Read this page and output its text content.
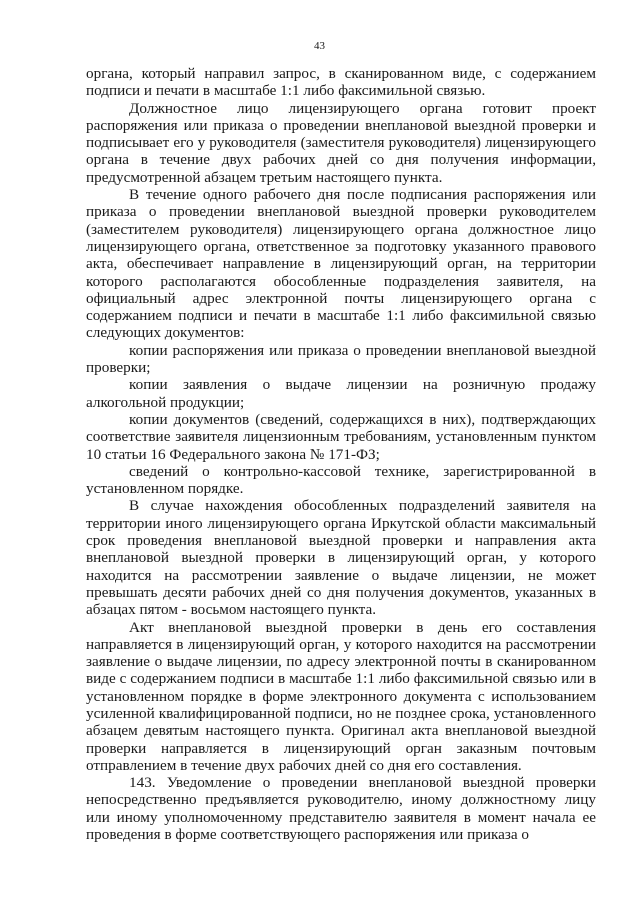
43

органа, который направил запрос, в сканированном виде, с содержанием подписи и печати в масштабе 1:1 либо факсимильной связью.

Должностное лицо лицензирующего органа готовит проект распоряжения или приказа о проведении внеплановой выездной проверки и подписывает его у руководителя (заместителя руководителя) лицензирующего органа в течение двух рабочих дней со дня получения информации, предусмотренной абзацем третьим настоящего пункта.

В течение одного рабочего дня после подписания распоряжения или приказа о проведении внеплановой выездной проверки руководителем (заместителем руководителя) лицензирующего органа должностное лицо лицензирующего органа, ответственное за подготовку указанного правового акта, обеспечивает направление в лицензирующий орган, на территории которого располагаются обособленные подразделения заявителя, на официальный адрес электронной почты лицензирующего органа с содержанием подписи и печати в масштабе 1:1 либо факсимильной связью следующих документов:

копии распоряжения или приказа о проведении внеплановой выездной проверки;

копии заявления о выдаче лицензии на розничную продажу алкогольной продукции;

копии документов (сведений, содержащихся в них), подтверждающих соответствие заявителя лицензионным требованиям, установленным пунктом 10 статьи 16 Федерального закона № 171-ФЗ;

сведений о контрольно-кассовой технике, зарегистрированной в установленном порядке.

В случае нахождения обособленных подразделений заявителя на территории иного лицензирующего органа Иркутской области максимальный срок проведения внеплановой выездной проверки и направления акта внеплановой выездной проверки в лицензирующий орган, у которого находится на рассмотрении заявление о выдаче лицензии, не может превышать десяти рабочих дней со дня получения документов, указанных в абзацах пятом - восьмом настоящего пункта.

Акт внеплановой выездной проверки в день его составления направляется в лицензирующий орган, у которого находится на рассмотрении заявление о выдаче лицензии, по адресу электронной почты в сканированном виде с содержанием подписи в масштабе 1:1 либо факсимильной связью или в установленном порядке в форме электронного документа с использованием усиленной квалифицированной подписи, но не позднее срока, установленного абзацем девятым настоящего пункта. Оригинал акта внеплановой выездной проверки направляется в лицензирующий орган заказным почтовым отправлением в течение двух рабочих дней со дня его составления.

143. Уведомление о проведении внеплановой выездной проверки непосредственно предъявляется руководителю, иному должностному лицу или иному уполномоченному представителю заявителя в момент начала ее проведения в форме соответствующего распоряжения или приказа о
